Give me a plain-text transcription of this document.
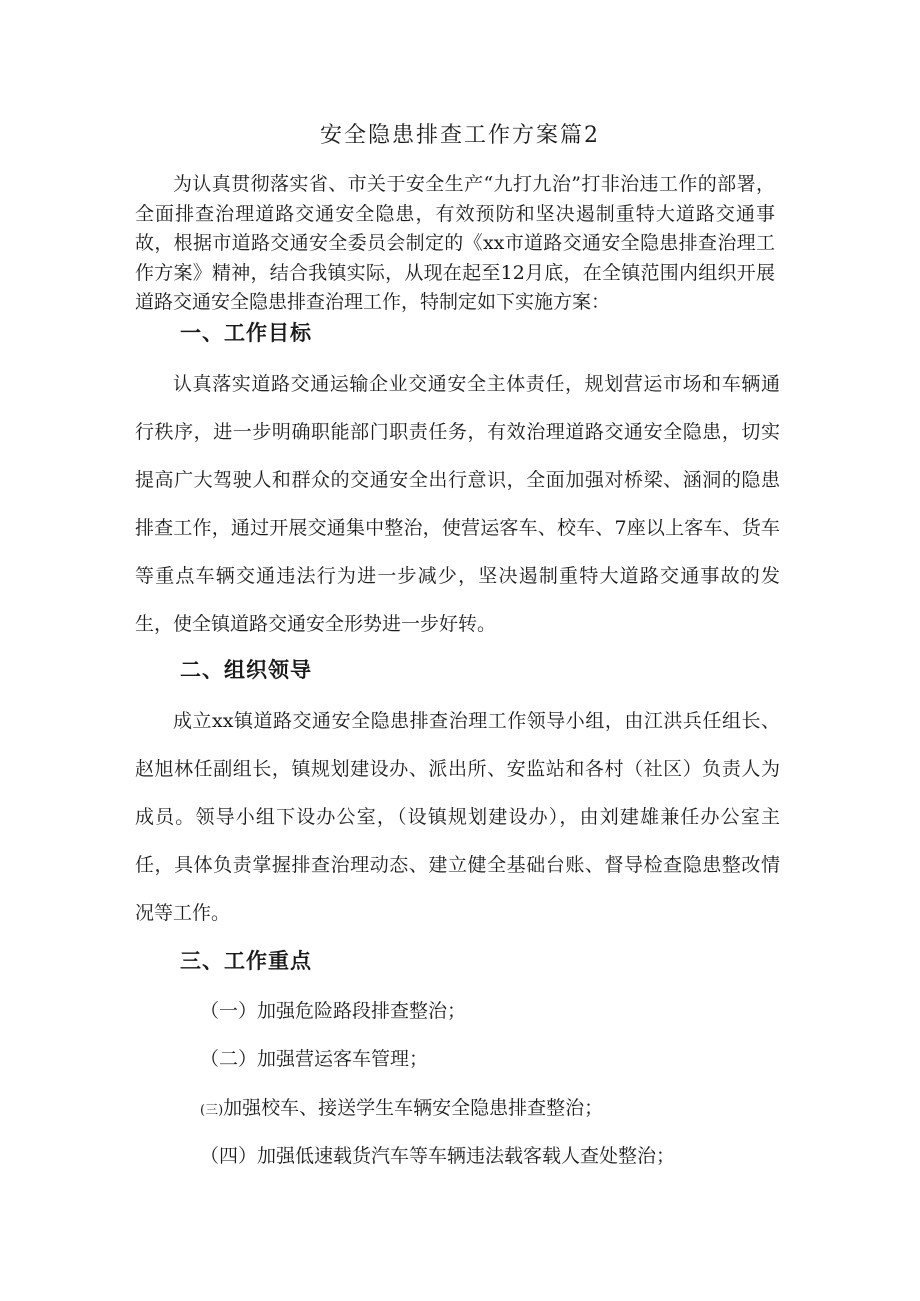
安全隐患排查工作方案篇2

为认真贯彻落实省、市关于安全生产“九打九治”打非治违工作的部署，全面排查治理道路交通安全隐患，有效预防和坚决遏制重特大道路交通事故，根据市道路交通安全委员会制定的《xx市道路交通安全隐患排查治理工作方案》精神，结合我镇实际，从现在起至12月底，在全镇范围内组织开展道路交通安全隐患排查治理工作，特制定如下实施方案：

一、工作目标

认真落实道路交通运输企业交通安全主体责任，规划营运市场和车辆通行秩序，进一步明确职能部门职责任务，有效治理道路交通安全隐患，切实提高广大驾驶人和群众的交通安全出行意识，全面加强对桥梁、涵洞的隐患排查工作，通过开展交通集中整治，使营运客车、校车、7座以上客车、货车等重点车辆交通违法行为进一步减少，坚决遏制重特大道路交通事故的发生，使全镇道路交通安全形势进一步好转。

二、组织领导

成立xx镇道路交通安全隐患排查治理工作领导小组，由江洪兵任组长、赵旭林任副组长，镇规划建设办、派出所、安监站和各村（社区）负责人为成员。领导小组下设办公室，（设镇规划建设办），由刘建雄兼任办公室主任，具体负责掌握排查治理动态、建立健全基础台账、督导检查隐患整改情况等工作。

三、工作重点

（一）加强危险路段排查整治；

（二）加强营运客车管理；

(三)加强校车、接送学生车辆安全隐患排查整治；

（四）加强低速载货汽车等车辆违法载客载人查处整治；
